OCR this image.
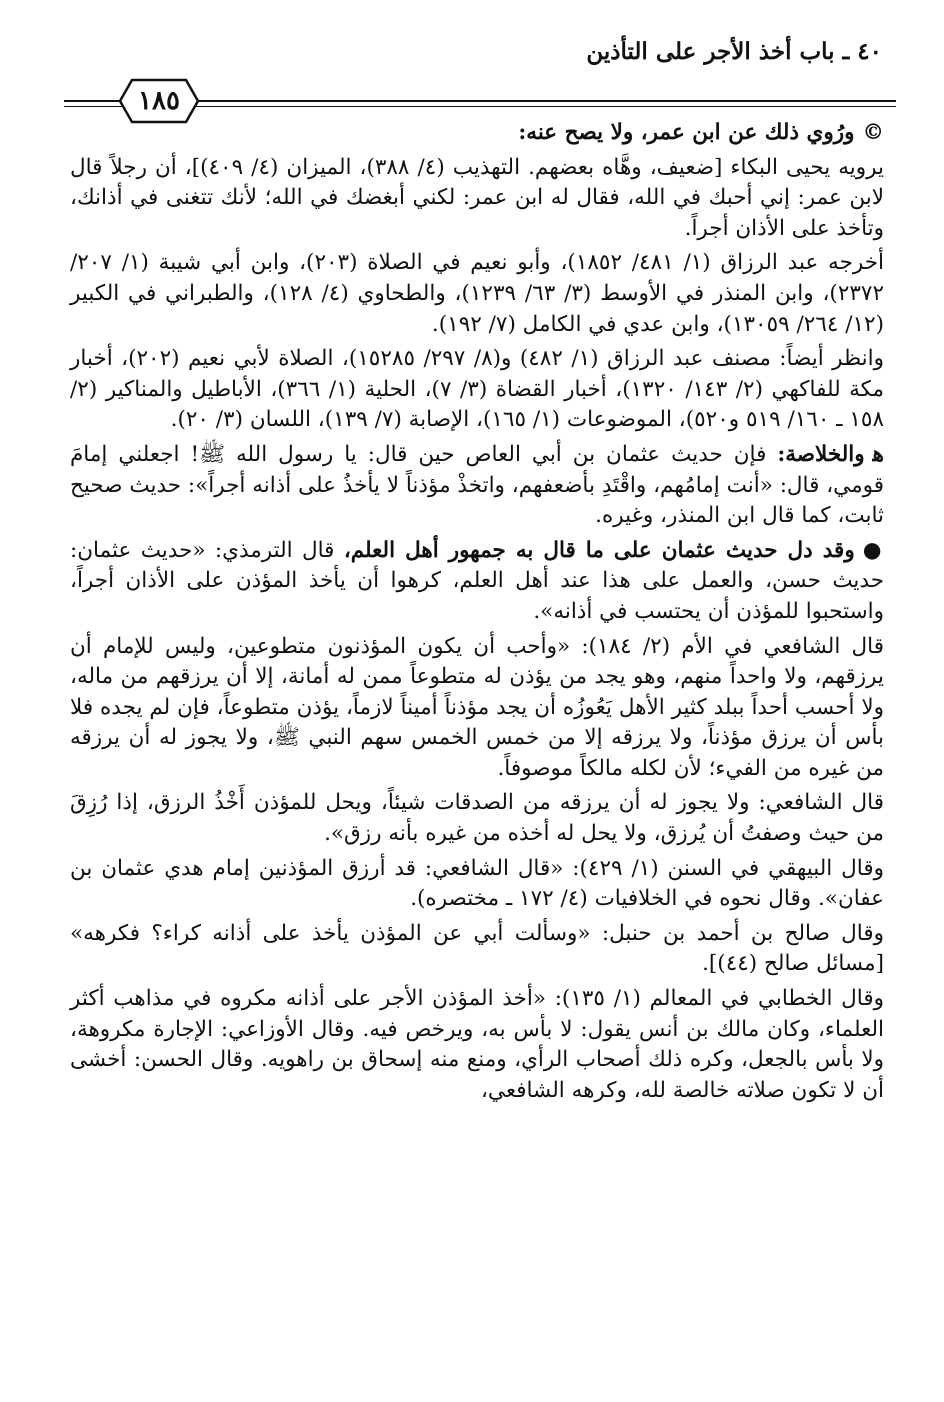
٤٠ ـ باب أخذ الأجر على التأذين
١٨٥

©ورُوي ذلك عن ابن عمر، ولا يصح عنه:

يرويه يحيى البكاء [ضعيف، وهَّاه بعضهم. التهذيب (٤/ ٣٨٨)، الميزان (٤/ ٤٠٩)]، أن رجلاً قال لابن عمر: إني أحبك في الله، فقال له ابن عمر: لكني أبغضك في الله؛ لأنك تتغنى في أذانك، وتأخذ على الأذان أجراً.

أخرجه عبد الرزاق (١/ ٤٨١/ ١٨٥٢)، وأبو نعيم في الصلاة (٢٠٣)، وابن أبي شيبة (١/ ٢٠٧/ ٢٣٧٢)، وابن المنذر في الأوسط (٣/ ٦٣/ ١٢٣٩)، والطحاوي (٤/ ١٢٨)، والطبراني في الكبير (١٢/ ٢٦٤/ ١٣٠٥٩)، وابن عدي في الكامل (٧/ ١٩٢).

وانظر أيضاً: مصنف عبد الرزاق (١/ ٤٨٢) و(٨/ ٢٩٧/ ١٥٢٨٥)، الصلاة لأبي نعيم (٢٠٢)، أخبار مكة للفاكهي (٢/ ١٤٣/ ١٣٢٠)، أخبار القضاة (٣/ ٧)، الحلية (١/ ٣٦٦)، الأباطيل والمناكير (٢/ ١٥٨ ـ ١٦٠/ ٥١٩ و٥٢٠)، الموضوعات (١/ ١٦٥)، الإصابة (٧/ ١٣٩)، اللسان (٣/ ٢٠).

ﻫوالخلاصة: فإن حديث عثمان بن أبي العاص حين قال: يا رسول الله ﷺ! اجعلني إمامَ قومي، قال: «أنت إمامُهم، واقْتَدِ بأضعفهم، واتخذْ مؤذناً لا يأخذُ على أذانه أجراً»: حديث صحيح ثابت، كما قال ابن المنذر، وغيره.

●وقد دل حديث عثمان على ما قال به جمهور أهل العلم، قال الترمذي: «حديث عثمان: حديث حسن، والعمل على هذا عند أهل العلم، كرهوا أن يأخذ المؤذن على الأذان أجراً، واستحبوا للمؤذن أن يحتسب في أذانه».

قال الشافعي في الأم (٢/ ١٨٤): «وأحب أن يكون المؤذنون متطوعين، وليس للإمام أن يرزقهم، ولا واحداً منهم، وهو يجد من يؤذن له متطوعاً ممن له أمانة، إلا أن يرزقهم من ماله، ولا أحسب أحداً ببلد كثير الأهل يَعُوزُه أن يجد مؤذناً أميناً لازماً، يؤذن متطوعاً، فإن لم يجده فلا بأس أن يرزق مؤذناً، ولا يرزقه إلا من خمس الخمس سهم النبي ﷺ، ولا يجوز له أن يرزقه من غيره من الفيء؛ لأن لكله مالكاً موصوفاً.

قال الشافعي: ولا يجوز له أن يرزقه من الصدقات شيئاً، ويحل للمؤذن أَخْذُ الرزق، إذا رُزِقَ من حيث وصفتُ أن يُرزق، ولا يحل له أخذه من غيره بأنه رزق».

وقال البيهقي في السنن (١/ ٤٢٩): «قال الشافعي: قد أرزق المؤذنين إمام هدي عثمان بن عفان». وقال نحوه في الخلافيات (٤/ ١٧٢ ـ مختصره).

وقال صالح بن أحمد بن حنبل: «وسألت أبي عن المؤذن يأخذ على أذانه كراء؟ فكرهه» [مسائل صالح (٤٤)].

وقال الخطابي في المعالم (١/ ١٣٥): «أخذ المؤذن الأجر على أذانه مكروه في مذاهب أكثر العلماء، وكان مالك بن أنس يقول: لا بأس به، ويرخص فيه. وقال الأوزاعي: الإجارة مكروهة، ولا بأس بالجعل، وكره ذلك أصحاب الرأي، ومنع منه إسحاق بن راهويه. وقال الحسن: أخشى أن لا تكون صلاته خالصة لله، وكرهه الشافعي،
